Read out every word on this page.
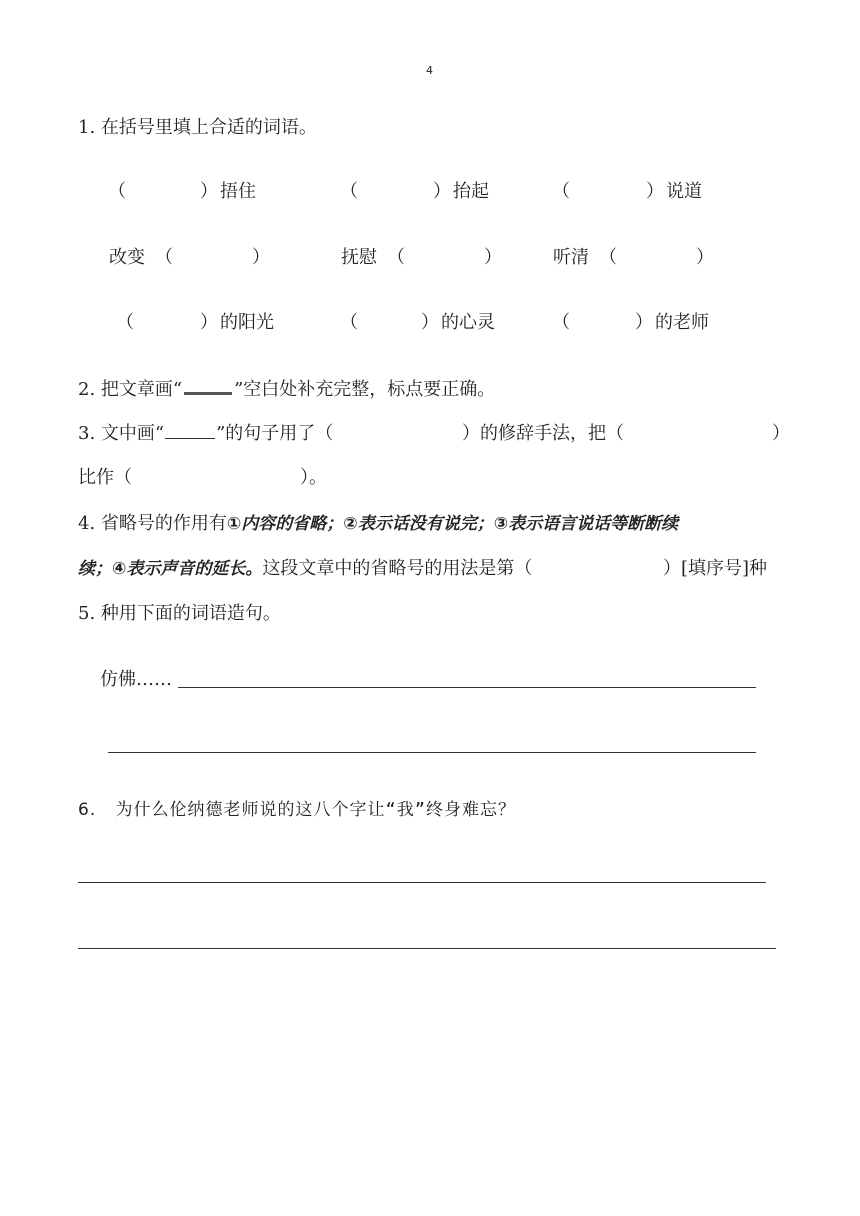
4
1. 在括号里填上合适的词语。
（	） 捂住	（	） 抬起	（	） 说道
改变 （	）	抚慰 （	）	听清 （	）
（	） 的阳光	（	） 的心灵	（	） 的老师
2. 把文章画“	”空白处补充完整，标点要正确。
3. 文中画“	”的句子用了（	）的修辞手法，把（	）
比作（	）。
4. 省略号的作用有①内容的省略；②表示话没有说完；③表示语言说话等断断续
续；④表示声音的延长。这段文章中的省略号的用法是第（	）[填序号]种
5. 种用下面的词语造句。
仿佛……
6. 为什么伦纳德老师说的这八个字让“我”终身难忘？
